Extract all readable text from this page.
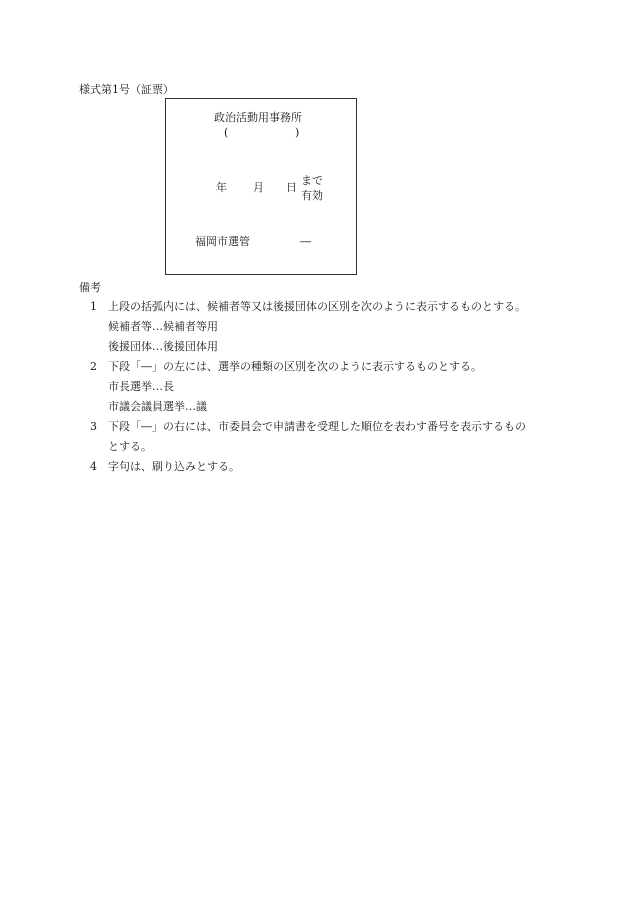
様式第1号（証票）
政治活動用事務所
(	)
年 月 日
まで
有効
福岡市選管	―
備考
1 上段の括弧内には、候補者等又は後援団体の区別を次のように表示するものとする。
候補者等…候補者等用
後援団体…後援団体用
2 下段「―」の左には、選挙の種類の区別を次のように表示するものとする。
市長選挙…長
市議会議員選挙…議
3 下段「―」の右には、市委員会で申請書を受理した順位を表わす番号を表示するもの
とする。
4 字句は、刷り込みとする。
